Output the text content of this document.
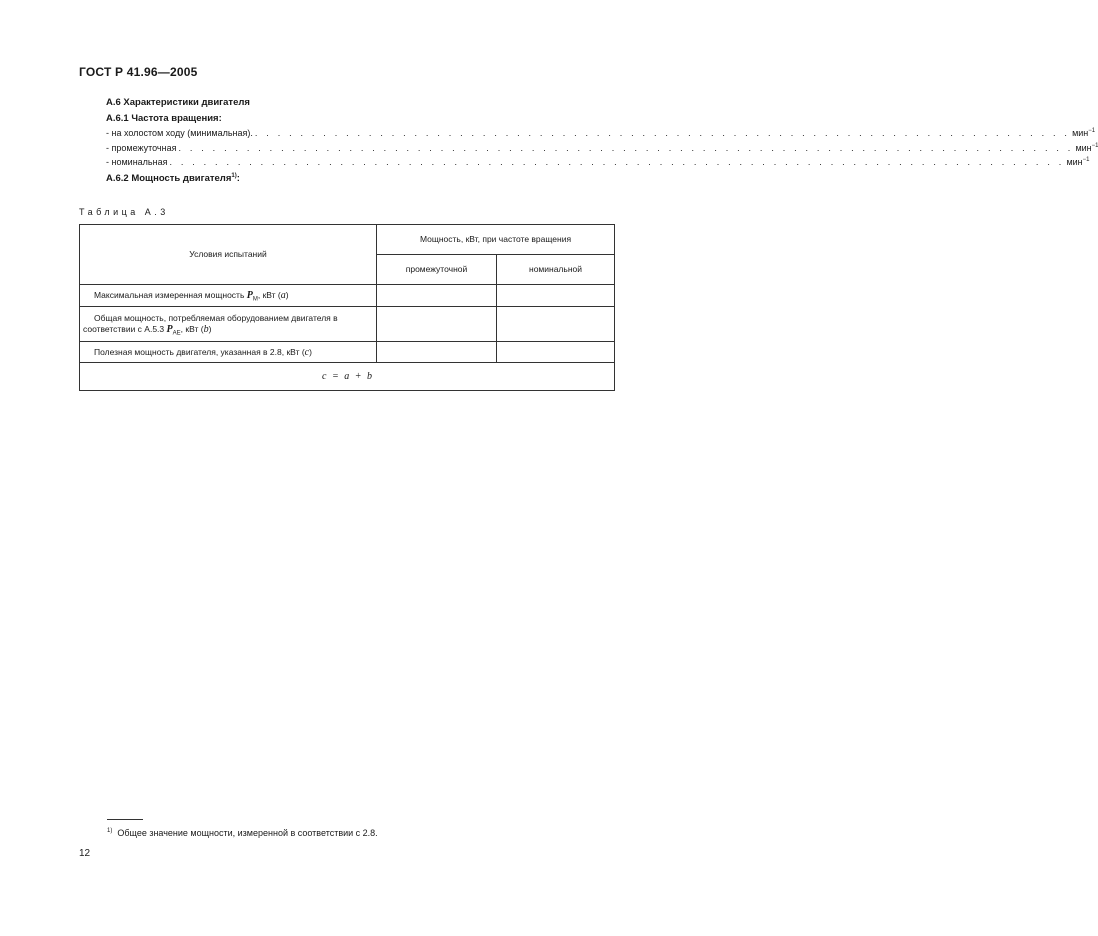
ГОСТ Р 41.96—2005
А.6 Характеристики двигателя
А.6.1 Частота вращения:
- на холостом ходу (минимальная). . . . . . . . . . . . . . . . . . . . . . . . . . . . . . . . . . . . . . . . . . . . . . . . . . . . . . . . . . . . . . . . . . . . . . . . . мин$^{-1}$
- промежуточная . . . . . . . . . . . . . . . . . . . . . . . . . . . . . . . . . . . . . . . . . . . . . . . . . . . . . . . . . . . . . . . . . . . . . . . . . . . . . . . мин$^{-1}$
- номинальная . . . . . . . . . . . . . . . . . . . . . . . . . . . . . . . . . . . . . . . . . . . . . . . . . . . . . . . . . . . . . . . . . . . . . . . . . . . . . . . мин$^{-1}$
А.6.2 Мощность двигателя$^{1)}$:
Таблица А.3
Условия испытаний	Мощность, кВт, при частоте вращения	
	промежуточной	номинальной
Максимальная измеренная мощность $P_M$, кВт (a)		
Общая мощность, потребляемая оборудованием двигателя в соответствии с А.5.3 $P_{AE}$, кВт (b)		
Полезная мощность двигателя, указанная в 2.8, кВт (c)		
c = a + b		
$^{1)}$ Общее значение мощности, измеренной в соответствии с 2.8.
12
